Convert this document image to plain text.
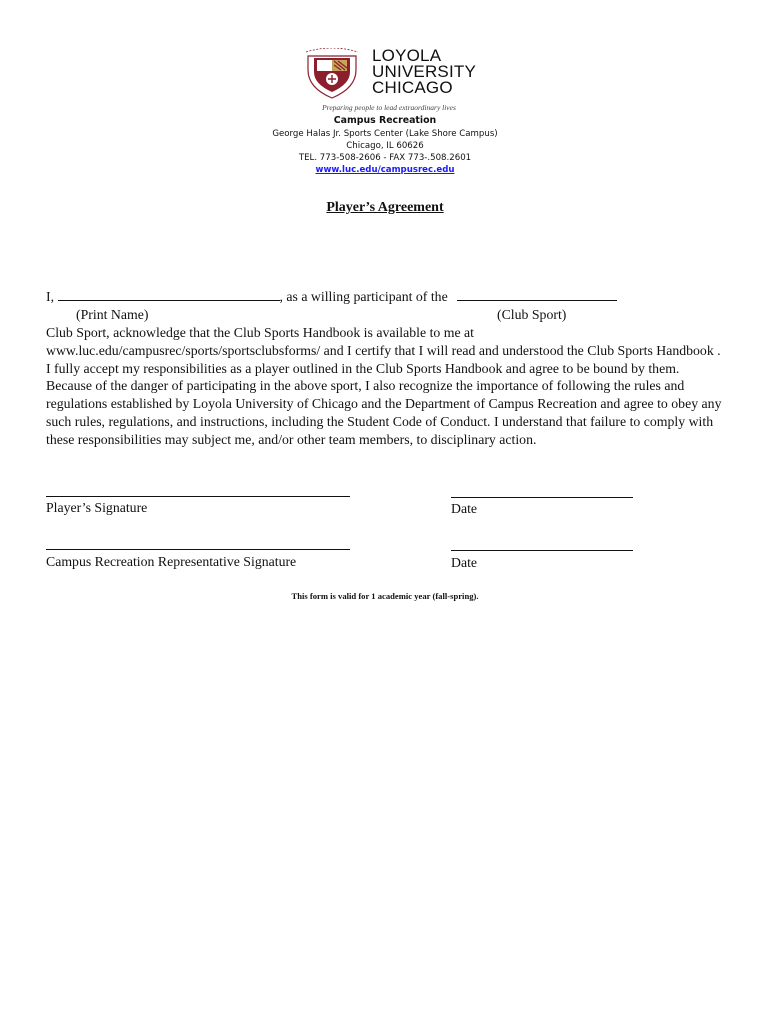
LOYOLA
UNIVERSITY
CHICAGO
Preparing people to lead extraordinary lives
Campus Recreation
George Halas Jr. Sports Center (Lake Shore Campus)
Chicago, IL 60626
TEL. 773-508-2606 - FAX 773-.508.2601
www.luc.edu/campusrec.edu
Player’s Agreement
I,	, as a willing participant of the
(Print Name)	(Club Sport)
Club Sport, acknowledge that the Club Sports Handbook is available to me at www.luc.edu/campusrec/sports/sportsclubsforms/ and I certify that I will read and understood the Club Sports Handbook . I fully accept my responsibilities as a player outlined in the Club Sports Handbook and agree to be bound by them. Because of the danger of participating in the above sport, I also recognize the importance of following the rules and regulations established by Loyola University of Chicago and the Department of Campus Recreation and agree to obey any such rules, regulations, and instructions, including the Student Code of Conduct. I understand that failure to comply with these responsibilities may subject me, and/or other team members, to disciplinary action.
Player’s Signature	Date
Campus Recreation Representative Signature	Date
This form is valid for 1 academic year (fall-spring).
